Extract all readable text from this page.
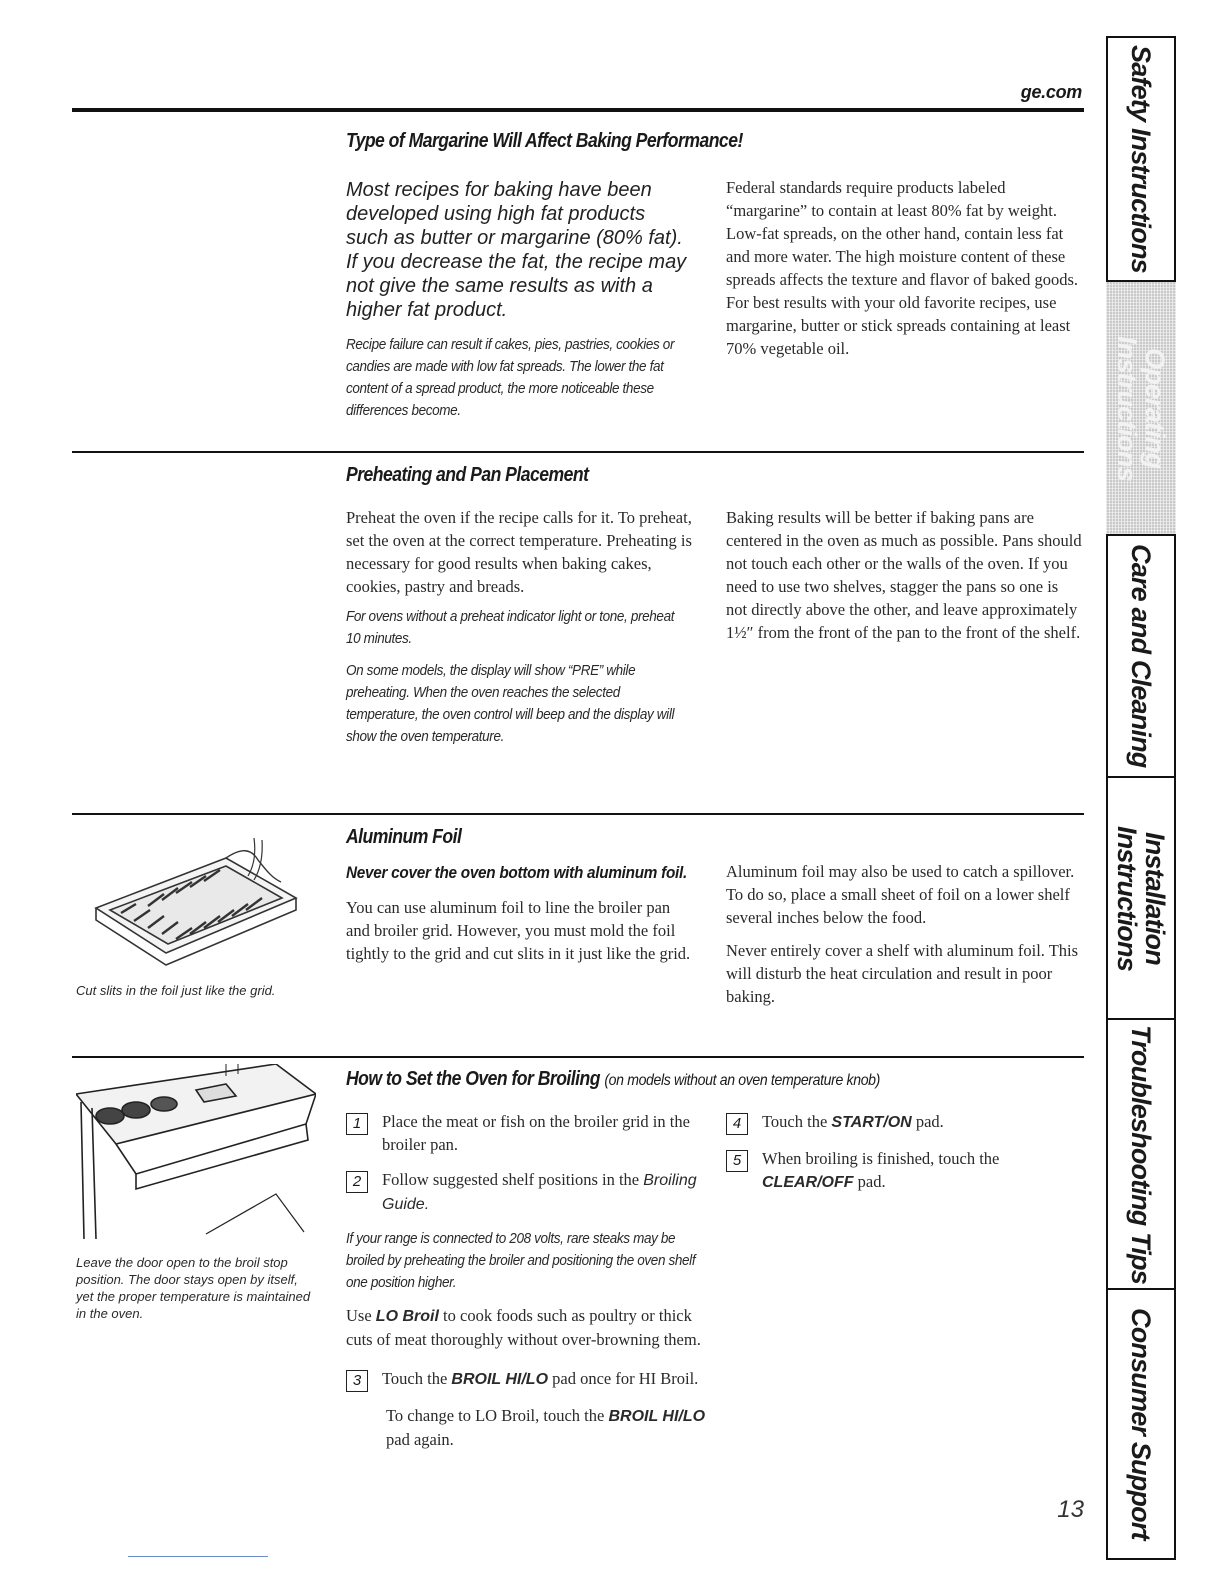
ge.com
Type of Margarine Will Affect Baking Performance!

Most recipes for baking have been developed using high fat products such as butter or margarine (80% fat). If you decrease the fat, the recipe may not give the same results as with a higher fat product.

Recipe failure can result if cakes, pies, pastries, cookies or candies are made with low fat spreads. The lower the fat content of a spread product, the more noticeable these differences become.

Federal standards require products labeled “margarine” to contain at least 80% fat by weight. Low-fat spreads, on the other hand, contain less fat and more water. The high moisture content of these spreads affects the texture and flavor of baked goods. For best results with your old favorite recipes, use margarine, butter or stick spreads containing at least 70% vegetable oil.

Preheating and Pan Placement

Preheat the oven if the recipe calls for it. To preheat, set the oven at the correct temperature. Preheating is necessary for good results when baking cakes, cookies, pastry and breads.

For ovens without a preheat indicator light or tone, preheat 10 minutes.

On some models, the display will show “PRE” while preheating. When the oven reaches the selected temperature, the oven control will beep and the display will show the oven temperature.

Baking results will be better if baking pans are centered in the oven as much as possible. Pans should not touch each other or the walls of the oven. If you need to use two shelves, stagger the pans so one is not directly above the other, and leave approximately 1½″ from the front of the pan to the front of the shelf.

Cut slits in the foil just like the grid.

Aluminum Foil

Never cover the oven bottom with aluminum foil.

You can use aluminum foil to line the broiler pan and broiler grid. However, you must mold the foil tightly to the grid and cut slits in it just like the grid.

Aluminum foil may also be used to catch a spillover. To do so, place a small sheet of foil on a lower shelf several inches below the food.

Never entirely cover a shelf with aluminum foil. This will disturb the heat circulation and result in poor baking.

Leave the door open to the broil stop position. The door stays open by itself, yet the proper temperature is maintained in the oven.

How to Set the Oven for Broiling (on models without an oven temperature knob)
1	Place the meat or fish on the broiler grid in the broiler pan.

2	Follow suggested shelf positions in the Broiling Guide.

If your range is connected to 208 volts, rare steaks may be broiled by preheating the broiler and positioning the oven shelf one position higher.

Use LO Broil to cook foods such as poultry or thick cuts of meat thoroughly without over-browning them.

3	Touch the BROIL HI/LO pad once for HI Broil.

To change to LO Broil, touch the BROIL HI/LO pad again.

4	Touch the START/ON pad.

5	When broiling is finished, touch the CLEAR/OFF pad.

Safety Instructions
Operating Instructions
Care and Cleaning
Installation
Instructions
Troubleshooting Tips
Consumer Support
13
